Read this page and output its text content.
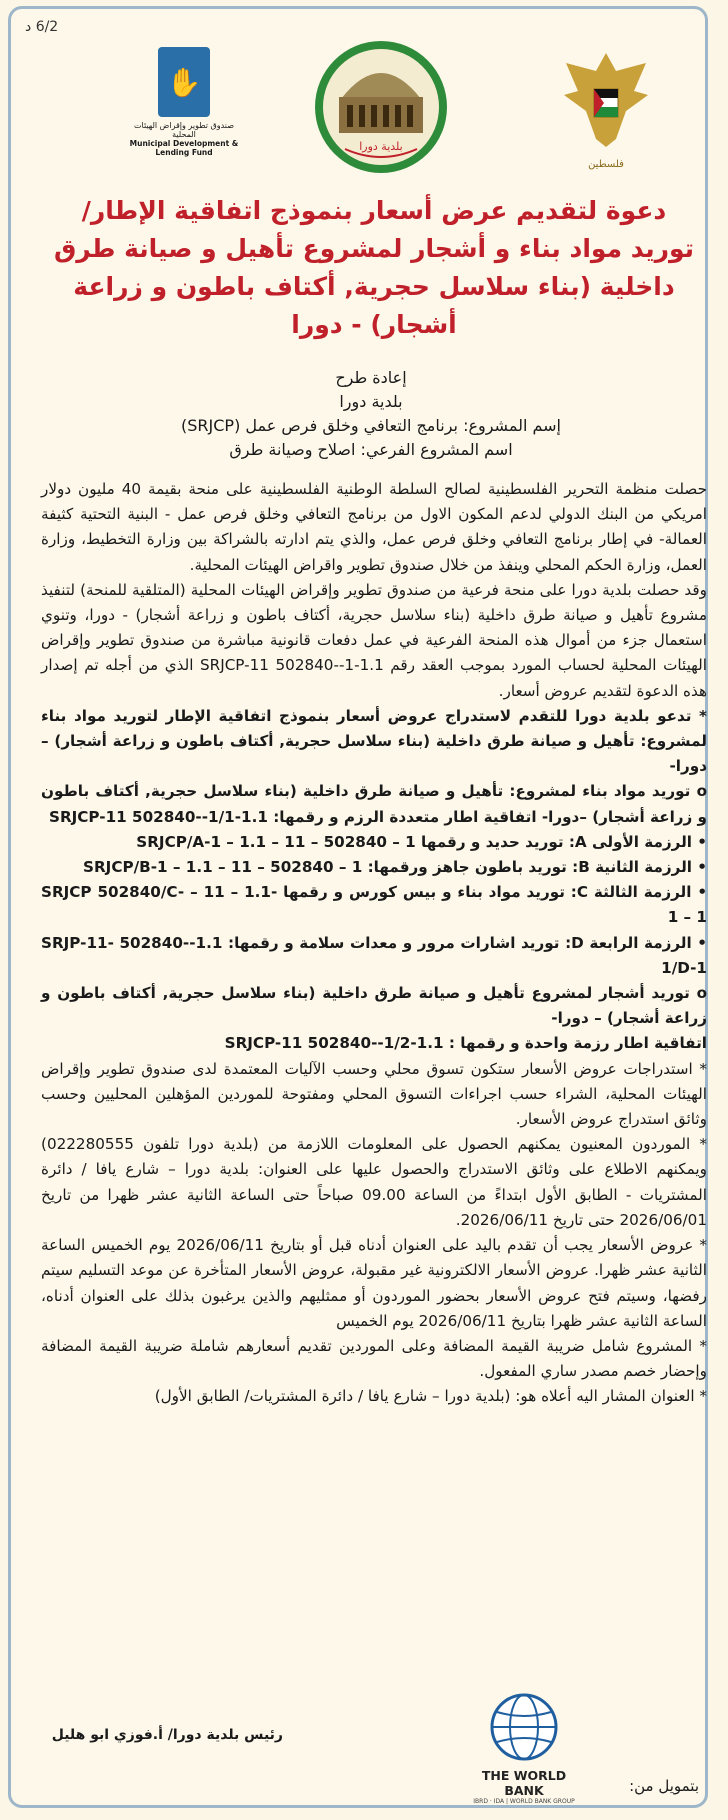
6/2 د
✋
صندوق تطوير وإقراض الهيئات المحلية
Municipal Development & Lending Fund	بلدية دورا
فلسطين
دعوة لتقديم عرض أسعار بنموذج اتفاقية الإطار/ توريد مواد بناء و أشجار لمشروع تأهيل و صيانة طرق داخلية (بناء سلاسل حجرية, أكتاف باطون و زراعة أشجار) - دورا
إعادة طرح
بلدية دورا
إسم المشروع: برنامج التعافي وخلق فرص عمل (SRJCP)
اسم المشروع الفرعي: اصلاح وصيانة طرق

حصلت منظمة التحرير الفلسطينية لصالح السلطة الوطنية الفلسطينية على منحة بقيمة 40 مليون دولار امريكي من البنك الدولي لدعم المكون الاول من برنامج التعافي وخلق فرص عمل - البنية التحتية كثيفة العمالة- في إطار برنامج التعافي وخلق فرص عمل، والذي يتم ادارته بالشراكة بين وزارة التخطيط، وزارة العمل، وزارة الحكم المحلي وينفذ من خلال صندوق تطوير واقراض الهيئات المحلية.

وقد حصلت بلدية دورا على منحة فرعية من صندوق تطوير وإقراض الهيئات المحلية (المتلقية للمنحة) لتنفيذ مشروع تأهيل و صيانة طرق داخلية (بناء سلاسل حجرية، أكتاف باطون و زراعة أشجار) - دورا، وتنوي استعمال جزء من أموال هذه المنحة الفرعية في عمل دفعات قانونية مباشرة من صندوق تطوير وإقراض الهيئات المحلية لحساب المورد بموجب العقد رقم 1.1-SRJCP-11 502840--1 الذي من أجله تم إصدار هذه الدعوة لتقديم عروض أسعار.

* تدعو بلدية دورا للتقدم لاستدراج عروض أسعار بنموذج اتفاقية الإطار لتوريد مواد بناء لمشروع: تأهيل و صيانة طرق داخلية (بناء سلاسل حجرية, أكتاف باطون و زراعة أشجار) – دورا-

o توريد مواد بناء لمشروع: تأهيل و صيانة طرق داخلية (بناء سلاسل حجرية, أكتاف باطون و زراعة أشجار) –دورا- اتفاقية اطار متعددة الرزم و رقمها: 1.1-SRJCP-11 502840--1/1

• الرزمة الأولى A: توريد حديد و رقمها 1 – 502840 – 11 – 1.1 – SRJCP/A-1

• الرزمة الثانية B: توريد باطون جاهز ورقمها: 1 – 502840 – 11 – 1.1 – SRJCP/B-1

• الرزمة الثالثة C: توريد مواد بناء و بيس كورس و رقمها -1.1 – 11 – SRJCP 502840/C-1 – 1

• الرزمة الرابعة D: توريد اشارات مرور و معدات سلامة و رقمها: 1.1-SRJP-11- 502840-1/D-1

o توريد أشجار لمشروع تأهيل و صيانة طرق داخلية (بناء سلاسل حجرية, أكتاف باطون و زراعة أشجار) – دورا-

اتفاقية اطار رزمة واحدة و رقمها : 1.1-SRJCP-11 502840--1/2

* استدراجات عروض الأسعار ستكون تسوق محلي وحسب الآليات المعتمدة لدى صندوق تطوير وإقراض الهيئات المحلية، الشراء حسب اجراءات التسوق المحلي ومفتوحة للموردين المؤهلين المحليين وحسب وثائق استدراج عروض الأسعار.

* الموردون المعنيون يمكنهم الحصول على المعلومات اللازمة من (بلدية دورا تلفون 022280555) ويمكنهم الاطلاع على وثائق الاستدراج والحصول عليها على العنوان: بلدية دورا – شارع يافا / دائرة المشتريات - الطابق الأول ابتداءً من الساعة 09.00 صباحاً حتى الساعة الثانية عشر ظهرا من تاريخ 2026/06/01 حتى تاريخ 2026/06/11.

* عروض الأسعار يجب أن تقدم باليد على العنوان أدناه قبل أو بتاريخ 2026/06/11 يوم الخميس الساعة الثانية عشر ظهرا. عروض الأسعار الالكترونية غير مقبولة، عروض الأسعار المتأخرة عن موعد التسليم سيتم رفضها، وسيتم فتح عروض الأسعار بحضور الموردون أو ممثليهم والذين يرغبون بذلك على العنوان أدناه، الساعة الثانية عشر ظهرا بتاريخ 2026/06/11 يوم الخميس

* المشروع شامل ضريبة القيمة المضافة وعلى الموردين تقديم أسعارهم شاملة ضريبة القيمة المضافة وإحضار خصم مصدر ساري المفعول.

* العنوان المشار اليه أعلاه هو: (بلدية دورا – شارع يافا / دائرة المشتريات/ الطابق الأول)

رئيس بلدية دورا/ أ.فوزي ابو هليل
THE WORLD BANK
IBRD · IDA | WORLD BANK GROUP
بتمويل من:
